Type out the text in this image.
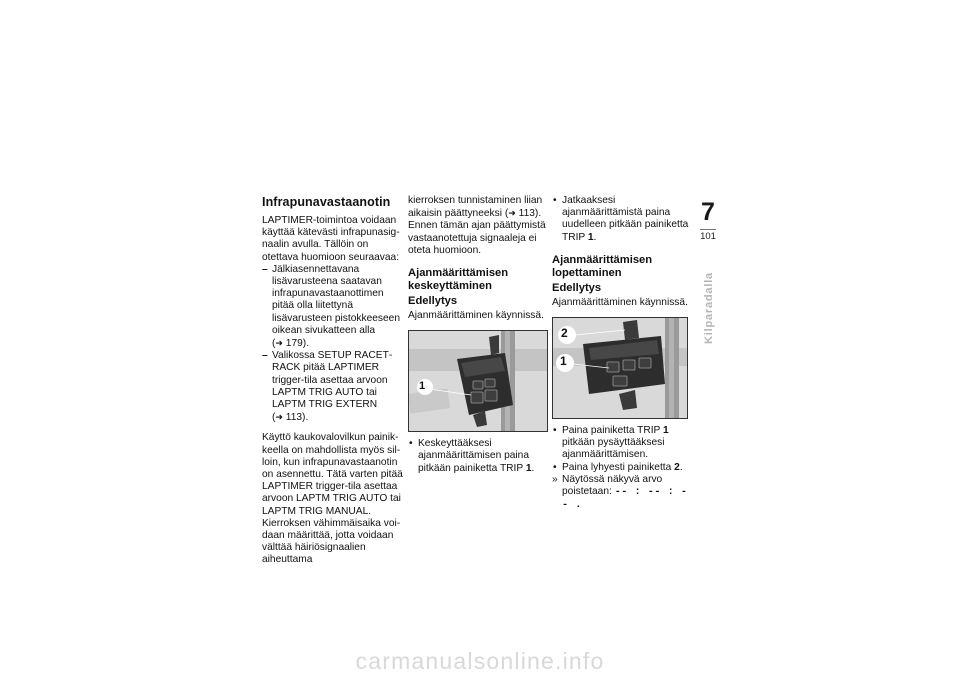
Infrapunavastaanotin

LAPTIMER-toimintoa voidaan käyttää kätevästi infrapunasignaalin avulla. Tällöin on otettava huomioon seuraavaa:

– Jälkiasennettavana lisävarusteena saatavan infrapunavastaanottimen pitää olla liitettynä lisävarusteen pistokkeeseen oikean sivukatteen alla (➜ 179).
– Valikossa SETUP RACETRACK pitää LAPTIMER trigger-tila asettaa arvoon LAPTM TRIG AUTO tai LAPTM TRIG EXTERN (➜ 113).

Käyttö kaukovalovilkun painikkeella on mahdollista myös silloin, kun infrapunavastaanotin on asennettu. Tätä varten pitää LAPTIMER trigger-tila asettaa arvoon LAPTM TRIG AUTO tai LAPTM TRIG MANUAL.

Kierroksen vähimmäisaika voidaan määrittää, jotta voidaan välttää häiriösignaalien aiheuttama

kierroksen tunnistaminen liian aikaisin päättyneeksi (➜ 113). Ennen tämän ajan päättymistä vastaanotettuja signaaleja ei oteta huomioon.

Ajanmäärittämisen keskeyttäminen
Edellytys

Ajanmäärittäminen käynnissä.

1
• Keskeyttääksesi ajanmäärittämisen paina pitkään painiketta TRIP 1.
• Jatkaaksesi ajanmäärittämistä paina uudelleen pitkään painiketta TRIP 1.
Ajanmäärittämisen lopettaminen
Edellytys

Ajanmäärittäminen käynnissä.

2
1
• Paina painiketta TRIP 1 pitkään pysäyttääksesi ajanmäärittämisen.
• Paina lyhyesti painiketta 2.
» Näytössä näkyvä arvo poistetaan: -- : -- : -- .
7
101
Kilparadalla
carmanualsonline.info
